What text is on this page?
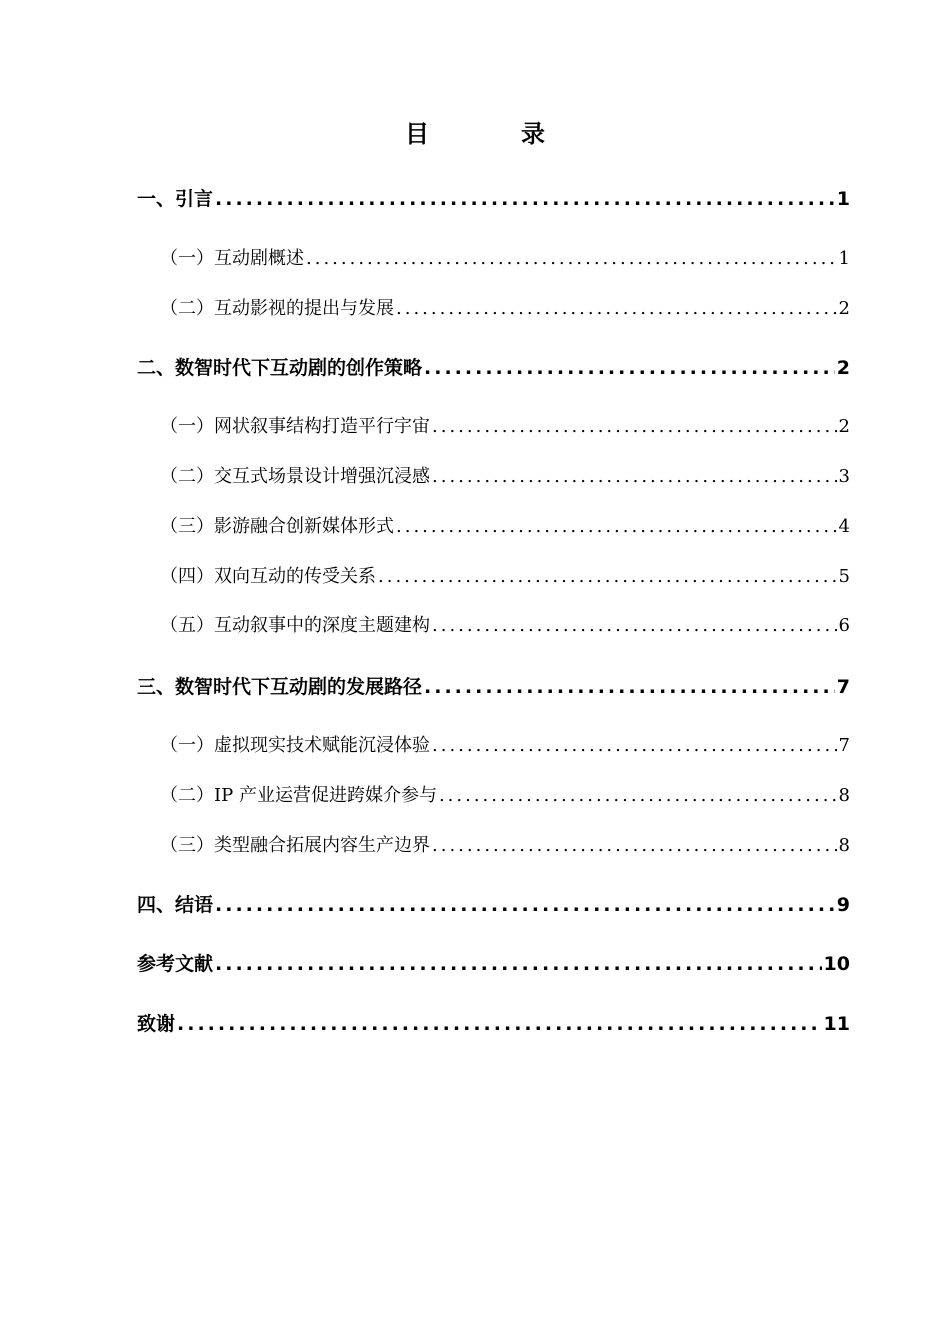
目　录
一、引言 .....	1
（一）互动剧概述 .....	1
（二）互动影视的提出与发展 .....	2
二、数智时代下互动剧的创作策略 .....	2
（一）网状叙事结构打造平行宇宙 .....	2
（二）交互式场景设计增强沉浸感 .....	3
（三）影游融合创新媒体形式 .....	4
（四）双向互动的传受关系 .....	5
（五）互动叙事中的深度主题建构 .....	6
三、数智时代下互动剧的发展路径 .....	7
（一）虚拟现实技术赋能沉浸体验 .....	7
（二）IP 产业运营促进跨媒介参与 .....	8
（三）类型融合拓展内容生产边界 .....	8
四、结语 .....	9
参考文献 .....	10
致谢 .....	11
